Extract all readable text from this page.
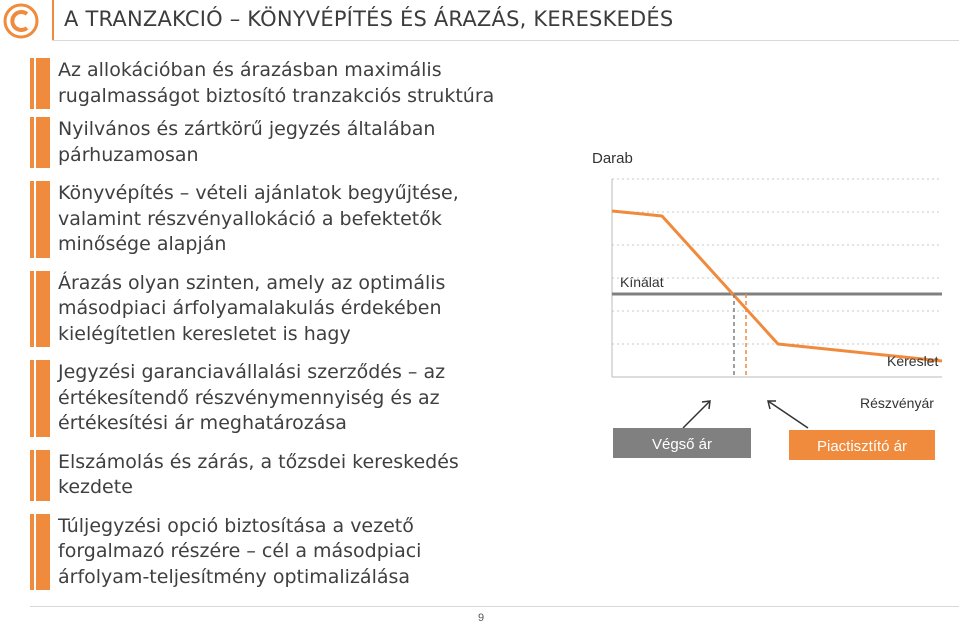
A TRANZAKCIÓ – KÖNYVÉPÍTÉS ÉS ÁRAZÁS, KERESKEDÉS
Az allokációban és árazásban maximális
rugalmasságot biztosító tranzakciós struktúra
Nyilvános és zártkörű jegyzés általában
párhuzamosan
Könyvépítés – vételi ajánlatok begyűjtése,
valamint részvényallokáció a befektetők
minősége alapján
Árazás olyan szinten, amely az optimális
másodpiaci árfolyamalakulás érdekében
kielégítetlen keresletet is hagy
Jegyzési garanciavállalási szerződés – az
értékesítendő részvénymennyiség és az
értékesítési ár meghatározása
Elszámolás és zárás, a tőzsdei kereskedés
kezdete
Túljegyzési opció biztosítása a vezető
forgalmazó részére – cél a másodpiaci
árfolyam-teljesítmény optimalizálása
Darab
Kínálat
Kereslet
Részvényár
Végső ár	Piactisztító ár
9
